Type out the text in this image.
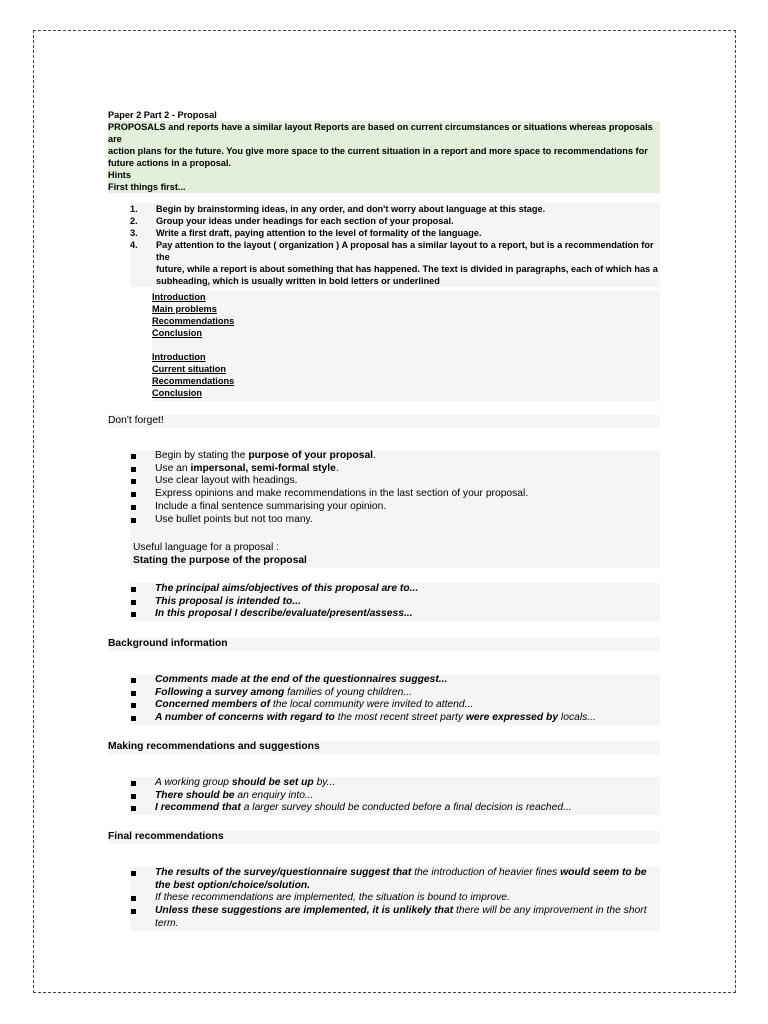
Paper 2 Part 2 - Proposal
PROPOSALS and reports have a similar layout Reports are based on current circumstances or situations whereas proposals are
action plans for the future. You give more space to the current situation in a report and more space to recommendations for
future actions in a proposal.
Hints
First things first...
1.	Begin by brainstorming ideas, in any order, and don't worry about language at this stage.
2.	Group your ideas under headings for each section of your proposal.
3.	Write a first draft, paying attention to the level of formality of the language.
4.	Pay attention to the layout ( organization ) A proposal has a similar layout to a report, but is a recommendation for the
future, while a report is about something that has happened. The text is divided in paragraphs, each of which has a
subheading, which is usually written in bold letters or underlined
Introduction
Main problems
Recommendations
Conclusion
Introduction
Current situation
Recommendations
Conclusion
Don't forget!
Begin by stating the purpose of your proposal.
Use an impersonal, semi-formal style.
Use clear layout with headings.
Express opinions and make recommendations in the last section of your proposal.
Include a final sentence summarising your opinion.
Use bullet points but not too many.
Useful language for a proposal :
Stating the purpose of the proposal
The principal aims/objectives of this proposal are to...
This proposal is intended to...
In this proposal I describe/evaluate/present/assess...
Background information
Comments made at the end of the questionnaires suggest...
Following a survey among families of young children...
Concerned members of the local community were invited to attend...
A number of concerns with regard to the most recent street party were expressed by locals...
Making recommendations and suggestions
A working group should be set up by...
There should be an enquiry into...
I recommend that a larger survey should be conducted before a final decision is reached...
Final recommendations
The results of the survey/questionnaire suggest that the introduction of heavier fines would seem to be the best option/choice/solution.
If these recommendations are implemented, the situation is bound to improve.
Unless these suggestions are implemented, it is unlikely that there will be any improvement in the short term.
